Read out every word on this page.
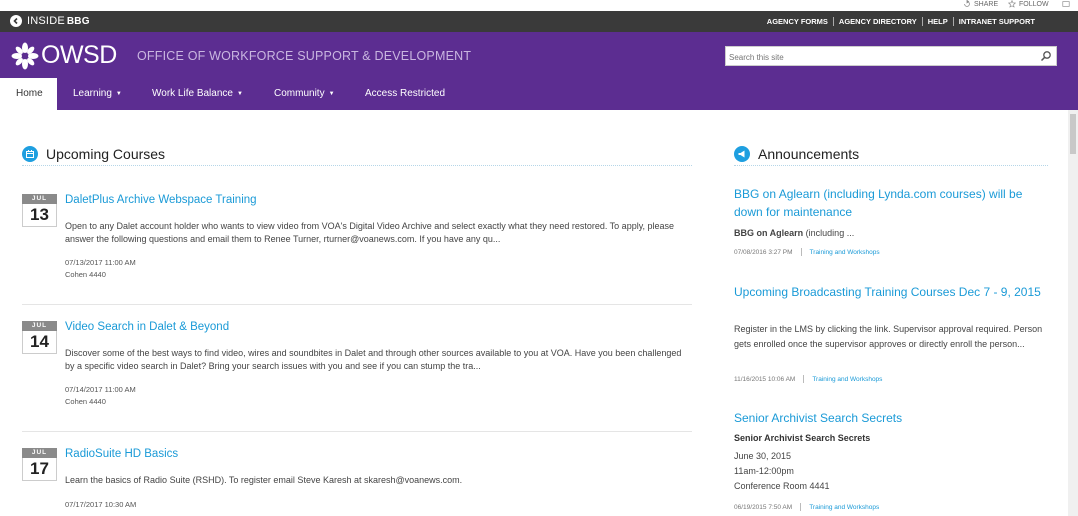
SHARE	FOLLOW
INSIDE BBG	AGENCY FORMS	AGENCY DIRECTORY	HELP	INTRANET SUPPORT
OWSD OFFICE OF WORKFORCE SUPPORT & DEVELOPMENT
Search this site
Home	Learning ▼	Work Life Balance ▼	Community ▼	Access Restricted
Upcoming Courses
JUL
13
DaletPlus Archive Webspace Training
Open to any Dalet account holder who wants to view video from VOA's Digital Video Archive and select exactly what they need restored. To apply, please answer the following questions and email them to Renee Turner, rturner@voanews.com. If you have any qu...
07/13/2017 11:00 AM
Cohen 4440
JUL
14
Video Search in Dalet & Beyond
Discover some of the best ways to find video, wires and soundbites in Dalet and through other sources available to you at VOA. Have you been challenged by a specific video search in Dalet? Bring your search issues with you and see if you can stump the tra...
07/14/2017 11:00 AM
Cohen 4440
JUL
17
RadioSuite HD Basics
Learn the basics of Radio Suite (RSHD). To register email Steve Karesh at skaresh@voanews.com.
07/17/2017 10:30 AM
Announcements
BBG on Aglearn (including Lynda.com courses) will be down for maintenance
BBG on Aglearn (including ...
07/08/2016 3:27 PM	Training and Workshops
Upcoming Broadcasting Training Courses Dec 7 - 9, 2015
Register in the LMS by clicking the link. Supervisor approval required. Person gets enrolled once the supervisor approves or directly enroll the person...
11/16/2015 10:06 AM	Training and Workshops
Senior Archivist Search Secrets
Senior Archivist Search Secrets
June 30, 2015
11am-12:00pm
Conference Room 4441
06/19/2015 7:50 AM	Training and Workshops
